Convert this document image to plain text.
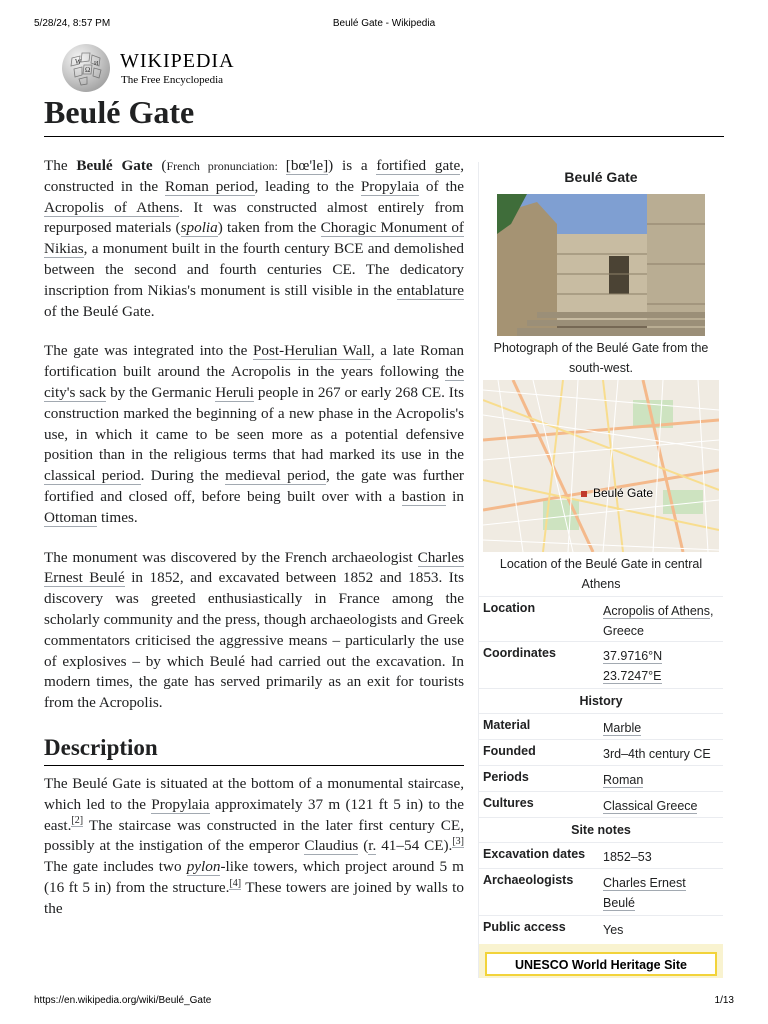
5/28/24, 8:57 PM	Beulé Gate - Wikipedia
W
Ω
И WIKIPEDIA
The Free Encyclopedia
Beulé Gate

The Beulé Gate (French pronunciation: [bœ'le]) is a fortified gate, constructed in the Roman period, leading to the Propylaia of the Acropolis of Athens. It was constructed almost entirely from repurposed materials (spolia) taken from the Choragic Monument of Nikias, a monument built in the fourth century BCE and demolished between the second and fourth centuries CE. The dedicatory inscription from Nikias's monument is still visible in the entablature of the Beulé Gate.

The gate was integrated into the Post-Herulian Wall, a late Roman fortification built around the Acropolis in the years following the city's sack by the Germanic Heruli people in 267 or early 268 CE. Its construction marked the beginning of a new phase in the Acropolis's use, in which it came to be seen more as a potential defensive position than in the religious terms that had marked its use in the classical period. During the medieval period, the gate was further fortified and closed off, before being built over with a bastion in Ottoman times.

The monument was discovered by the French archaeologist Charles Ernest Beulé in 1852, and excavated between 1852 and 1853. Its discovery was greeted enthusiastically in France among the scholarly community and the press, though archaeologists and Greek commentators criticised the aggressive means – particularly the use of explosives – by which Beulé had carried out the excavation. In modern times, the gate has served primarily as an exit for tourists from the Acropolis.

Description

The Beulé Gate is situated at the bottom of a monumental staircase, which led to the Propylaia approximately 37 m (121 ft 5 in) to the east.[2] The staircase was constructed in the later first century CE, possibly at the instigation of the emperor Claudius (r. 41–54 CE).[3] The gate includes two pylon-like towers, which project around 5 m (16 ft 5 in) from the structure.[4] These towers are joined by walls to the

Beulé Gate
Photograph of the Beulé Gate from the south-west.
Beulé Gate
Location of the Beulé Gate in central Athens
Location	Acropolis of Athens, Greece
Coordinates	37.9716°N
23.7247°E
History
Material	Marble
Founded	3rd–4th century CE
Periods	Roman
Cultures	Classical Greece
Site notes
Excavation dates 1852–53
Archaeologists Charles Ernest Beulé
Public access	Yes
UNESCO World Heritage Site
https://en.wikipedia.org/wiki/Beulé_Gate	1/13
